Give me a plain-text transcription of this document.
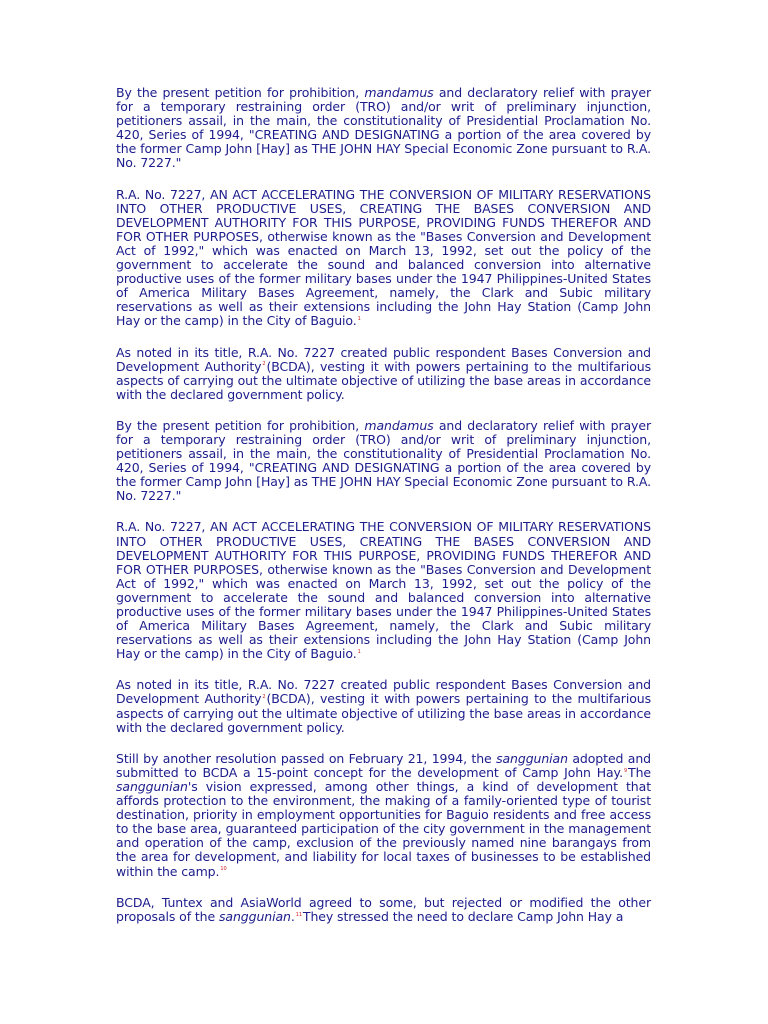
By the present petition for prohibition, mandamus and declaratory relief with prayer for a temporary restraining order (TRO) and/or writ of preliminary injunction, petitioners assail, in the main, the constitutionality of Presidential Proclamation No. 420, Series of 1994, "CREATING AND DESIGNATING a portion of the area covered by the former Camp John [Hay] as THE JOHN HAY Special Economic Zone pursuant to R.A. No. 7227."

R.A. No. 7227, AN ACT ACCELERATING THE CONVERSION OF MILITARY RESERVATIONS INTO OTHER PRODUCTIVE USES, CREATING THE BASES CONVERSION AND DEVELOPMENT AUTHORITY FOR THIS PURPOSE, PROVIDING FUNDS THEREFOR AND FOR OTHER PURPOSES, otherwise known as the "Bases Conversion and Development Act of 1992," which was enacted on March 13, 1992, set out the policy of the government to accelerate the sound and balanced conversion into alternative productive uses of the former military bases under the 1947 Philippines-United States of America Military Bases Agreement, namely, the Clark and Subic military reservations as well as their extensions including the John Hay Station (Camp John Hay or the camp) in the City of Baguio.$^1$

As noted in its title, R.A. No. 7227 created public respondent Bases Conversion and Development Authority$^2$(BCDA), vesting it with powers pertaining to the multifarious aspects of carrying out the ultimate objective of utilizing the base areas in accordance with the declared government policy.

By the present petition for prohibition, mandamus and declaratory relief with prayer for a temporary restraining order (TRO) and/or writ of preliminary injunction, petitioners assail, in the main, the constitutionality of Presidential Proclamation No. 420, Series of 1994, "CREATING AND DESIGNATING a portion of the area covered by the former Camp John [Hay] as THE JOHN HAY Special Economic Zone pursuant to R.A. No. 7227."

R.A. No. 7227, AN ACT ACCELERATING THE CONVERSION OF MILITARY RESERVATIONS INTO OTHER PRODUCTIVE USES, CREATING THE BASES CONVERSION AND DEVELOPMENT AUTHORITY FOR THIS PURPOSE, PROVIDING FUNDS THEREFOR AND FOR OTHER PURPOSES, otherwise known as the "Bases Conversion and Development Act of 1992," which was enacted on March 13, 1992, set out the policy of the government to accelerate the sound and balanced conversion into alternative productive uses of the former military bases under the 1947 Philippines-United States of America Military Bases Agreement, namely, the Clark and Subic military reservations as well as their extensions including the John Hay Station (Camp John Hay or the camp) in the City of Baguio.$^1$

As noted in its title, R.A. No. 7227 created public respondent Bases Conversion and Development Authority$^2$(BCDA), vesting it with powers pertaining to the multifarious aspects of carrying out the ultimate objective of utilizing the base areas in accordance with the declared government policy.

Still by another resolution passed on February 21, 1994, the sanggunian adopted and submitted to BCDA a 15-point concept for the development of Camp John Hay.$^9$The sanggunian's vision expressed, among other things, a kind of development that affords protection to the environment, the making of a family-oriented type of tourist destination, priority in employment opportunities for Baguio residents and free access to the base area, guaranteed participation of the city government in the management and operation of the camp, exclusion of the previously named nine barangays from the area for development, and liability for local taxes of businesses to be established within the camp.$^{10}$

BCDA, Tuntex and AsiaWorld agreed to some, but rejected or modified the other proposals of the sanggunian.$^{11}$They stressed the need to declare Camp John Hay a
